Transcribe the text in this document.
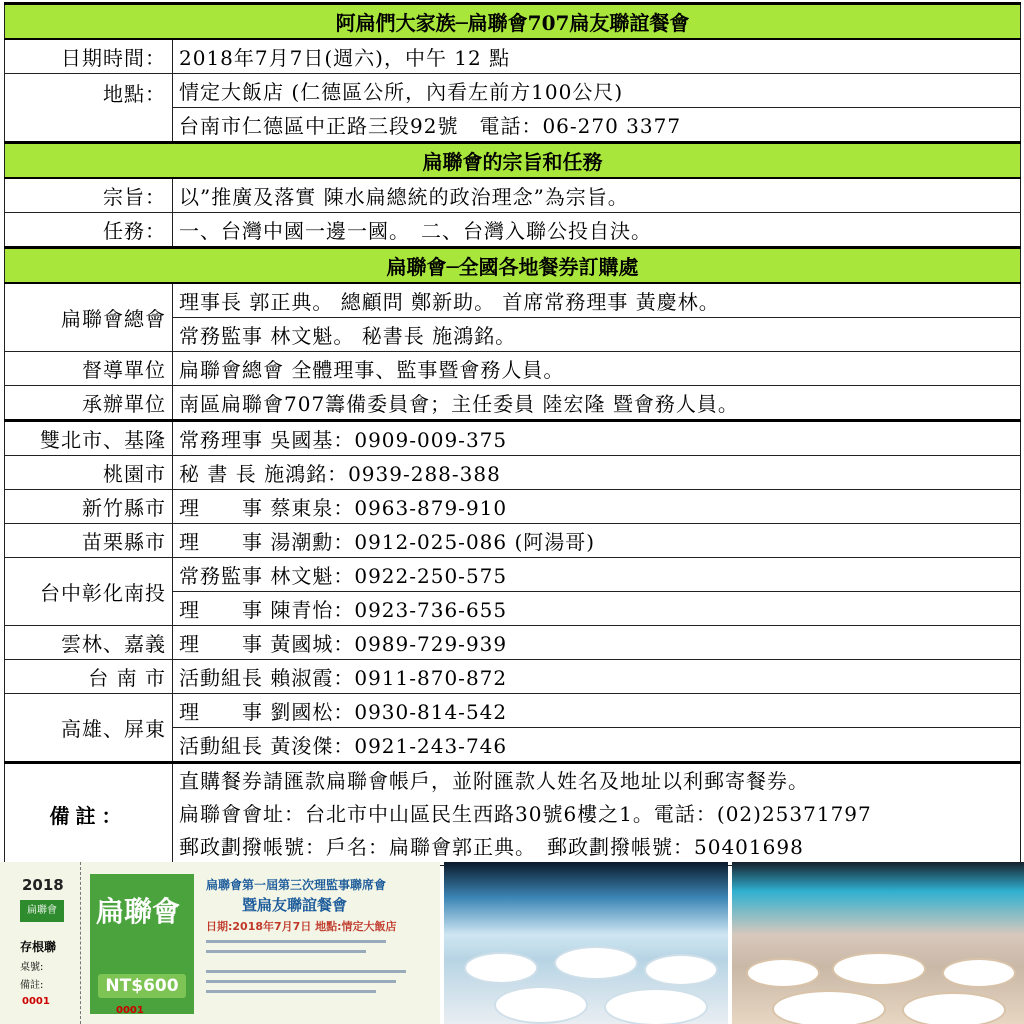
阿扁們大家族─扁聯會707扁友聯誼餐會	
日期時間：	2018年7月7日(週六)，中午 12 點
地點：	情定大飯店 (仁德區公所，內看左前方100公尺)
	台南市仁德區中正路三段92號　電話：06-270 3377
扁聯會的宗旨和任務	
宗旨：	以”推廣及落實 陳水扁總統的政治理念”為宗旨。
任務：	一、台灣中國一邊一國。　二、台灣入聯公投自決。
扁聯會─全國各地餐券訂購處	
扁聯會總會	理事長 郭正典。 總顧問 鄭新助。 首席常務理事 黃慶林。
	常務監事 林文魁。 秘書長 施鴻銘。
督導單位	扁聯會總會 全體理事、監事暨會務人員。
承辦單位	南區扁聯會707籌備委員會；主任委員 陸宏隆 暨會務人員。
雙北市、基隆	常務理事 吳國基：0909-009-375
桃園市	秘 書 長 施鴻銘：0939-288-388
新竹縣市	理　　事 蔡東泉：0963-879-910
苗栗縣市	理　　事 湯潮勳：0912-025-086 (阿湯哥)
台中彰化南投	常務監事 林文魁：0922-250-575
	理　　事 陳青怡：0923-736-655
雲林、嘉義	理　　事 黃國城：0989-729-939
台 南 市	活動組長 賴淑霞：0911-870-872
高雄、屏東	理　　事 劉國松：0930-814-542
	活動組長 黃浚傑：0921-243-746
備註：	直購餐券請匯款扁聯會帳戶，並附匯款人姓名及地址以利郵寄餐券。
扁聯會會址：台北市中山區民生西路30號6樓之1。電話：(02)25371797
郵政劃撥帳號：戶名：扁聯會郭正典。　郵政劃撥帳號：50401698
2018
扁聯會
存根聯
桌號:
備註:
0001
扁聯會
NT$600
扁聯會第一屆第三次理監事聯席會
暨扁友聯誼餐會
日期:2018年7月7日 地點:情定大飯店
0001
